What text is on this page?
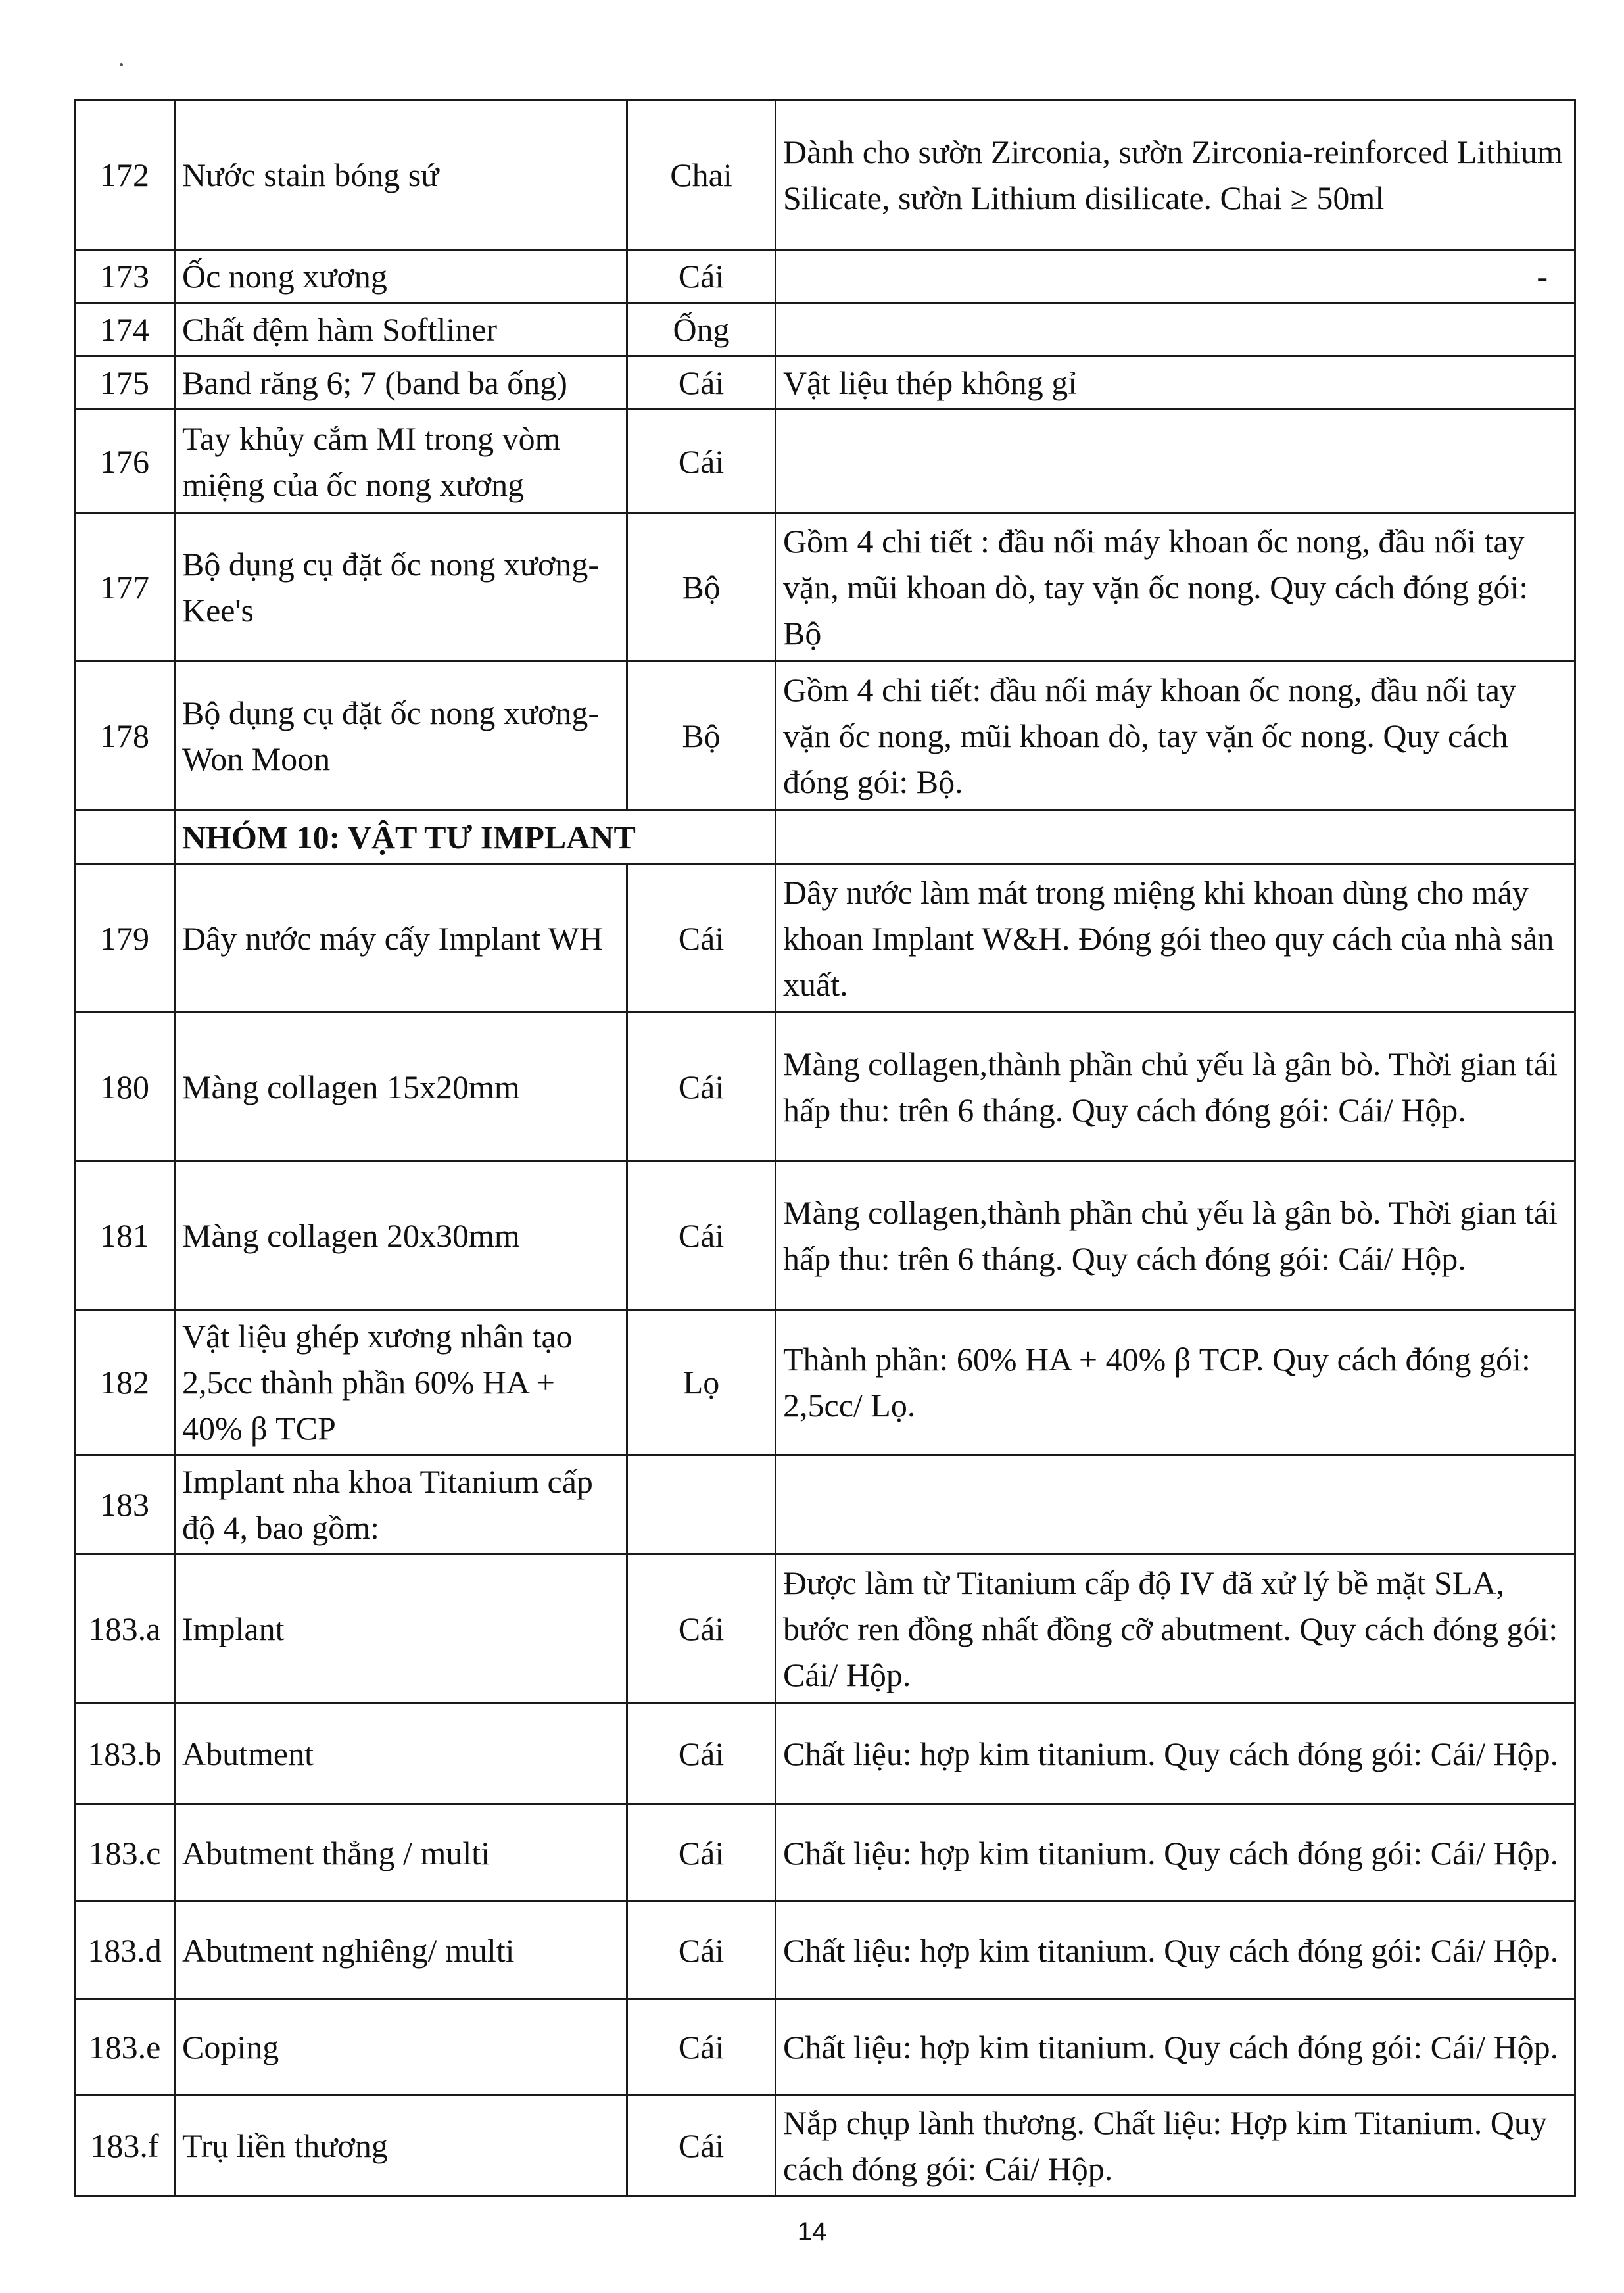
172	Nước stain bóng sứ	Chai	Dành cho sườn Zirconia, sườn Zirconia-reinforced Lithium Silicate, sườn Lithium disilicate. Chai ≥ 50ml
173	Ốc nong xương	Cái	-

174	Chất đệm hàm Softliner	Ống	
175	Band răng 6; 7 (band ba ống)	Cái	Vật liệu thép không gỉ
176	Tay khủy cắm MI trong vòm miệng của ốc nong xương	Cái	
177	Bộ dụng cụ đặt ốc nong xương- Kee's	Bộ	Gồm 4 chi tiết : đầu nối máy khoan ốc nong, đầu nối tay vặn, mũi khoan dò, tay vặn ốc nong. Quy cách đóng gói: Bộ
178	Bộ dụng cụ đặt ốc nong xương- Won Moon	Bộ	Gồm 4 chi tiết: đầu nối máy khoan ốc nong, đầu nối tay vặn ốc nong, mũi khoan dò, tay vặn ốc nong. Quy cách đóng gói: Bộ.
	NHÓM 10: VẬT TƯ IMPLANT		
179	Dây nước máy cấy Implant WH	Cái	Dây nước làm mát trong miệng khi khoan dùng cho máy khoan Implant W&H. Đóng gói theo quy cách của nhà sản xuất.
180	Màng collagen 15x20mm	Cái	Màng collagen,thành phần chủ yếu là gân bò. Thời gian tái hấp thu: trên 6 tháng. Quy cách đóng gói: Cái/ Hộp.
181	Màng collagen 20x30mm	Cái	Màng collagen,thành phần chủ yếu là gân bò. Thời gian tái hấp thu: trên 6 tháng. Quy cách đóng gói: Cái/ Hộp.
182	Vật liệu ghép xương nhân tạo 2,5cc thành phần 60% HA + 40% β TCP	Lọ	Thành phần: 60% HA + 40% β TCP. Quy cách đóng gói: 2,5cc/ Lọ.
183	Implant nha khoa Titanium cấp độ 4, bao gồm:		
183.a	Implant	Cái	Được làm từ Titanium cấp độ IV đã xử lý bề mặt SLA, bước ren đồng nhất đồng cỡ abutment. Quy cách đóng gói: Cái/ Hộp.
183.b	Abutment	Cái	Chất liệu: hợp kim titanium. Quy cách đóng gói: Cái/ Hộp.
183.c	Abutment thẳng / multi	Cái	Chất liệu: hợp kim titanium. Quy cách đóng gói: Cái/ Hộp.
183.d	Abutment nghiêng/ multi	Cái	Chất liệu: hợp kim titanium. Quy cách đóng gói: Cái/ Hộp.
183.e	Coping	Cái	Chất liệu: hợp kim titanium. Quy cách đóng gói: Cái/ Hộp.
183.f	Trụ liền thương	Cái	Nắp chụp lành thương. Chất liệu: Hợp kim Titanium. Quy cách đóng gói: Cái/ Hộp.
14
